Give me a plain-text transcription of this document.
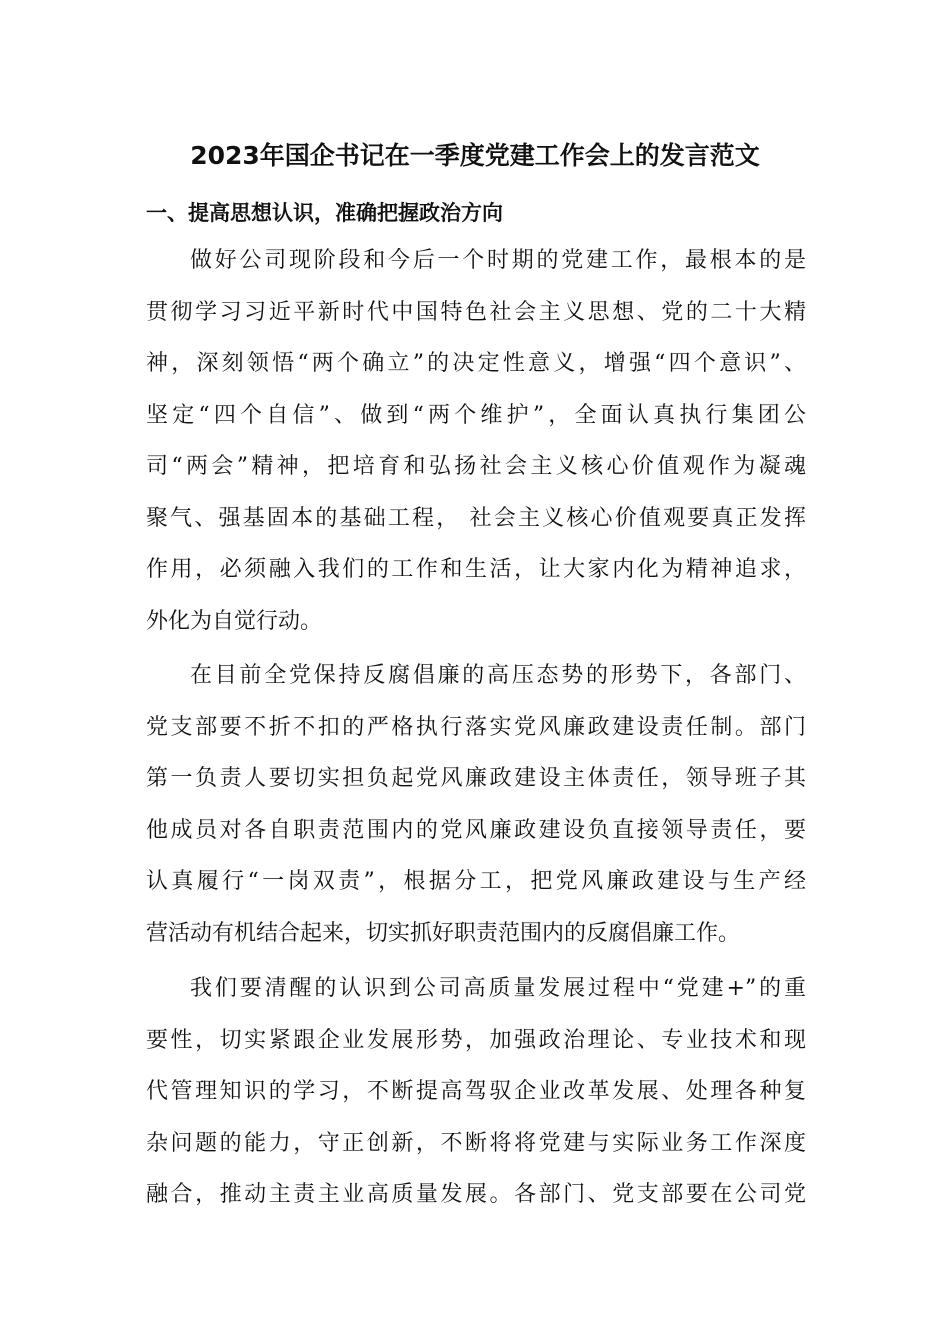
2023年国企书记在一季度党建工作会上的发言范文
一、提高思想认识，准确把握政治方向
做好公司现阶段和今后一个时期的党建工作，最根本的是
贯彻学习习近平新时代中国特色社会主义思想、党的二十大精
神，深刻领悟“两个确立”的决定性意义，增强“四个意识”、
坚定“四个自信”、做到“两个维护”，全面认真执行集团公
司“两会”精神，把培育和弘扬社会主义核心价值观作为凝魂
聚气、强基固本的基础工程， 社会主义核心价值观要真正发挥
作用，必须融入我们的工作和生活，让大家内化为精神追求，
外化为自觉行动。
在目前全党保持反腐倡廉的高压态势的形势下，各部门、
党支部要不折不扣的严格执行落实党风廉政建设责任制。部门
第一负责人要切实担负起党风廉政建设主体责任，领导班子其
他成员对各自职责范围内的党风廉政建设负直接领导责任，要
认真履行“一岗双责”，根据分工，把党风廉政建设与生产经
营活动有机结合起来，切实抓好职责范围内的反腐倡廉工作。
我们要清醒的认识到公司高质量发展过程中“党建+”的重
要性，切实紧跟企业发展形势，加强政治理论、专业技术和现
代管理知识的学习，不断提高驾驭企业改革发展、处理各种复
杂问题的能力，守正创新，不断将将党建与实际业务工作深度
融合，推动主责主业高质量发展。各部门、党支部要在公司党
